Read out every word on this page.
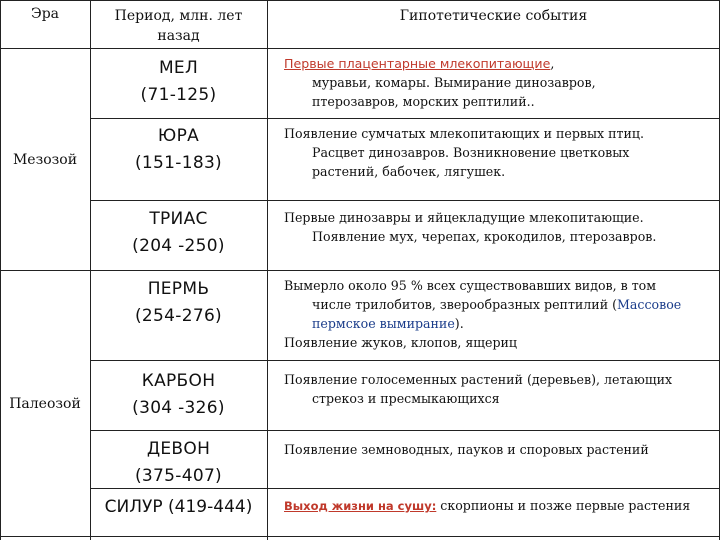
Эра	Период, млн. лет
назад
Гипотетические события
Мезозой
Палеозой
МЕЛ
(71-125)
Первые плацентарные млекопитающие,
муравьи, комары. Вымирание динозавров,
птерозавров, морских рептилий..
ЮРА
(151-183)
Появление сумчатых млекопитающих и первых птиц.
Расцвет динозавров. Возникновение цветковых
растений, бабочек, лягушек.
ТРИАС
(204 -250)
Первые динозавры и яйцекладущие млекопитающие.
Появление мух, черепах, крокодилов, птерозавров.
ПЕРМЬ
(254-276)
Вымерло около 95 % всех существовавших видов, в том
числе трилобитов, зверообразных рептилий (Массовое
пермское вымирание).
Появление жуков, клопов, ящериц
КАРБОН
(304 -326)
Появление голосеменных растений (деревьев), летающих
стрекоз и пресмыкающихся
ДЕВОН
(375-407)
Появление земноводных, пауков и споровых растений
СИЛУР (419-444)	Выход жизни на сушу: скорпионы и позже первые растения
